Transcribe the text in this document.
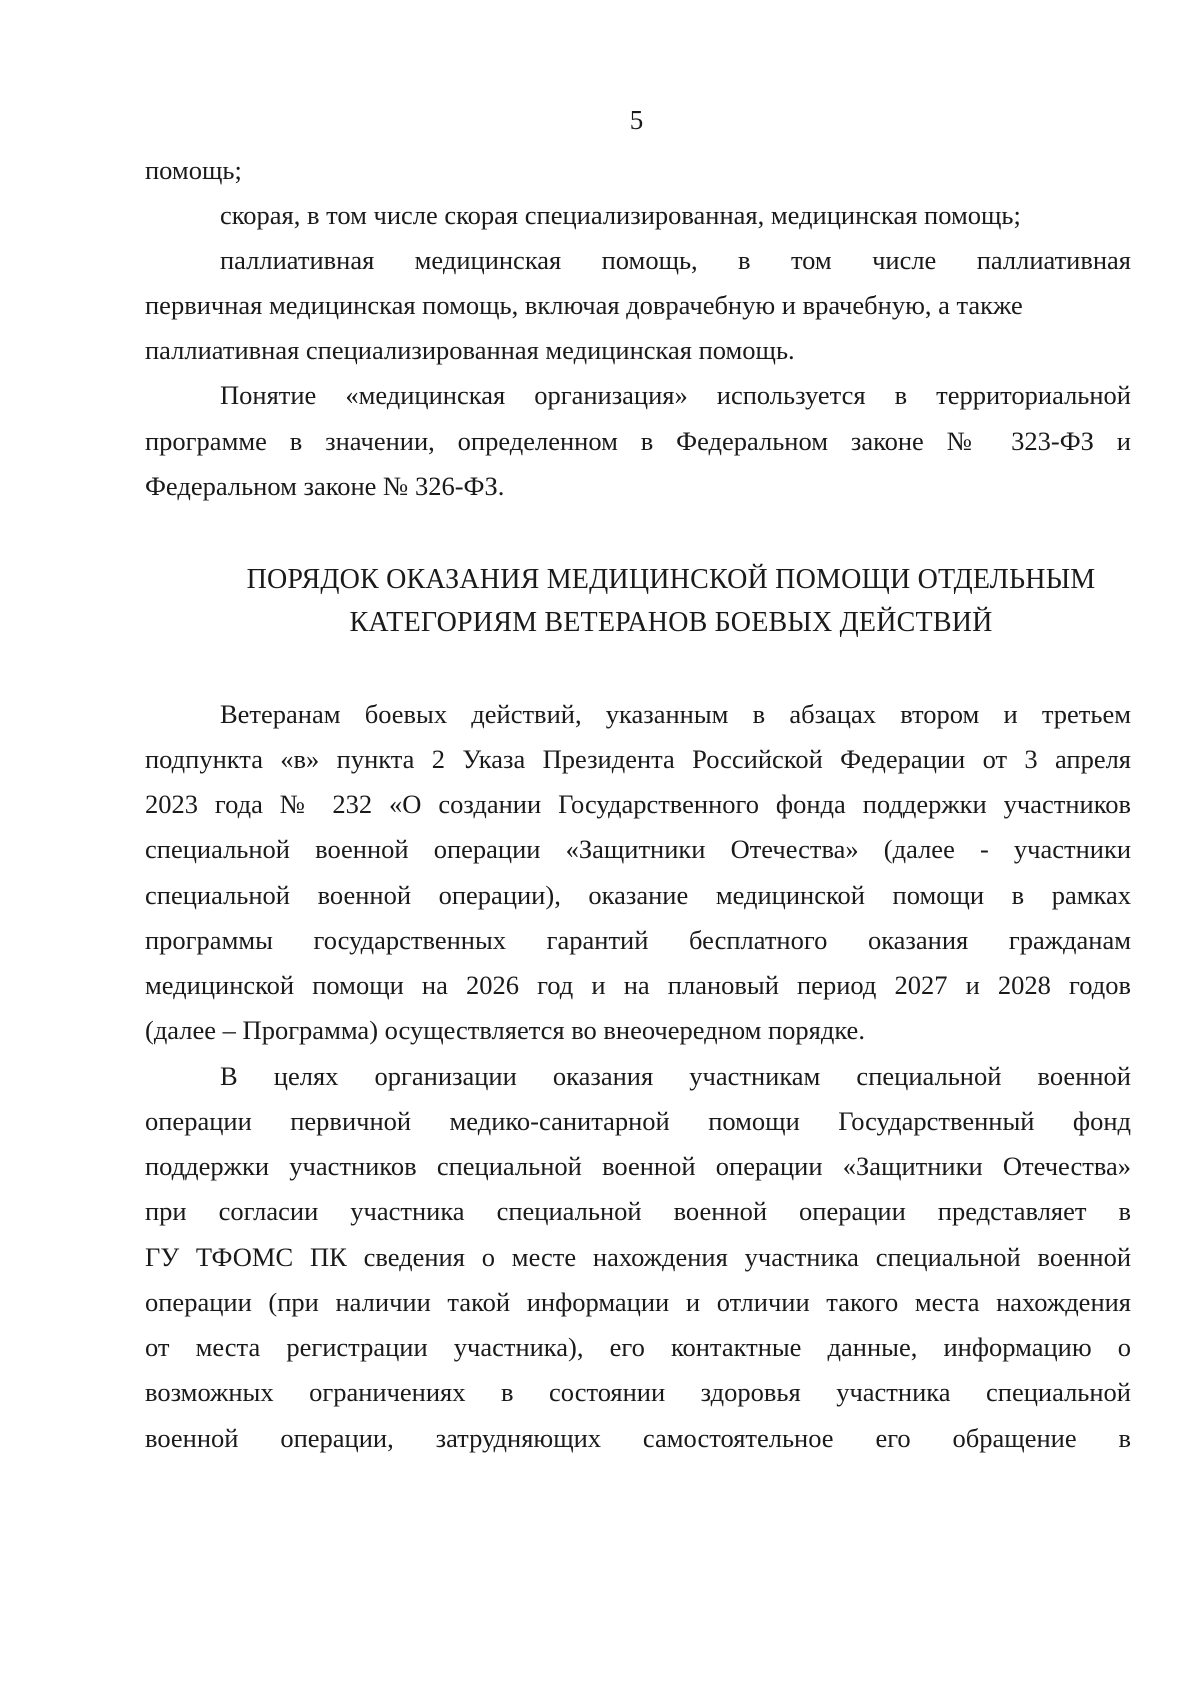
5
помощь;
скорая, в том числе скорая специализированная, медицинская помощь;
паллиативная медицинская помощь, в том числе паллиативная
первичная медицинская помощь, включая доврачебную и врачебную, а также
паллиативная специализированная медицинская помощь.
Понятие «медицинская организация» используется в территориальной
программе в значении, определенном в Федеральном законе № 323-ФЗ и
Федеральном законе № 326-ФЗ.
ПОРЯДОК ОКАЗАНИЯ МЕДИЦИНСКОЙ ПОМОЩИ ОТДЕЛЬНЫМ
КАТЕГОРИЯМ ВЕТЕРАНОВ БОЕВЫХ ДЕЙСТВИЙ
Ветеранам боевых действий, указанным в абзацах втором и третьем
подпункта «в» пункта 2 Указа Президента Российской Федерации от 3 апреля
2023 года № 232 «О создании Государственного фонда поддержки участников
специальной военной операции «Защитники Отечества» (далее - участники
специальной военной операции), оказание медицинской помощи в рамках
программы государственных гарантий бесплатного оказания гражданам
медицинской помощи на 2026 год и на плановый период 2027 и 2028 годов
(далее – Программа) осуществляется во внеочередном порядке.
В целях организации оказания участникам специальной военной
операции первичной медико-санитарной помощи Государственный фонд
поддержки участников специальной военной операции «Защитники Отечества»
при согласии участника специальной военной операции представляет в
ГУ ТФОМС ПК сведения о месте нахождения участника специальной военной
операции (при наличии такой информации и отличии такого места нахождения
от места регистрации участника), его контактные данные, информацию о
возможных ограничениях в состоянии здоровья участника специальной
военной операции, затрудняющих самостоятельное его обращение в
